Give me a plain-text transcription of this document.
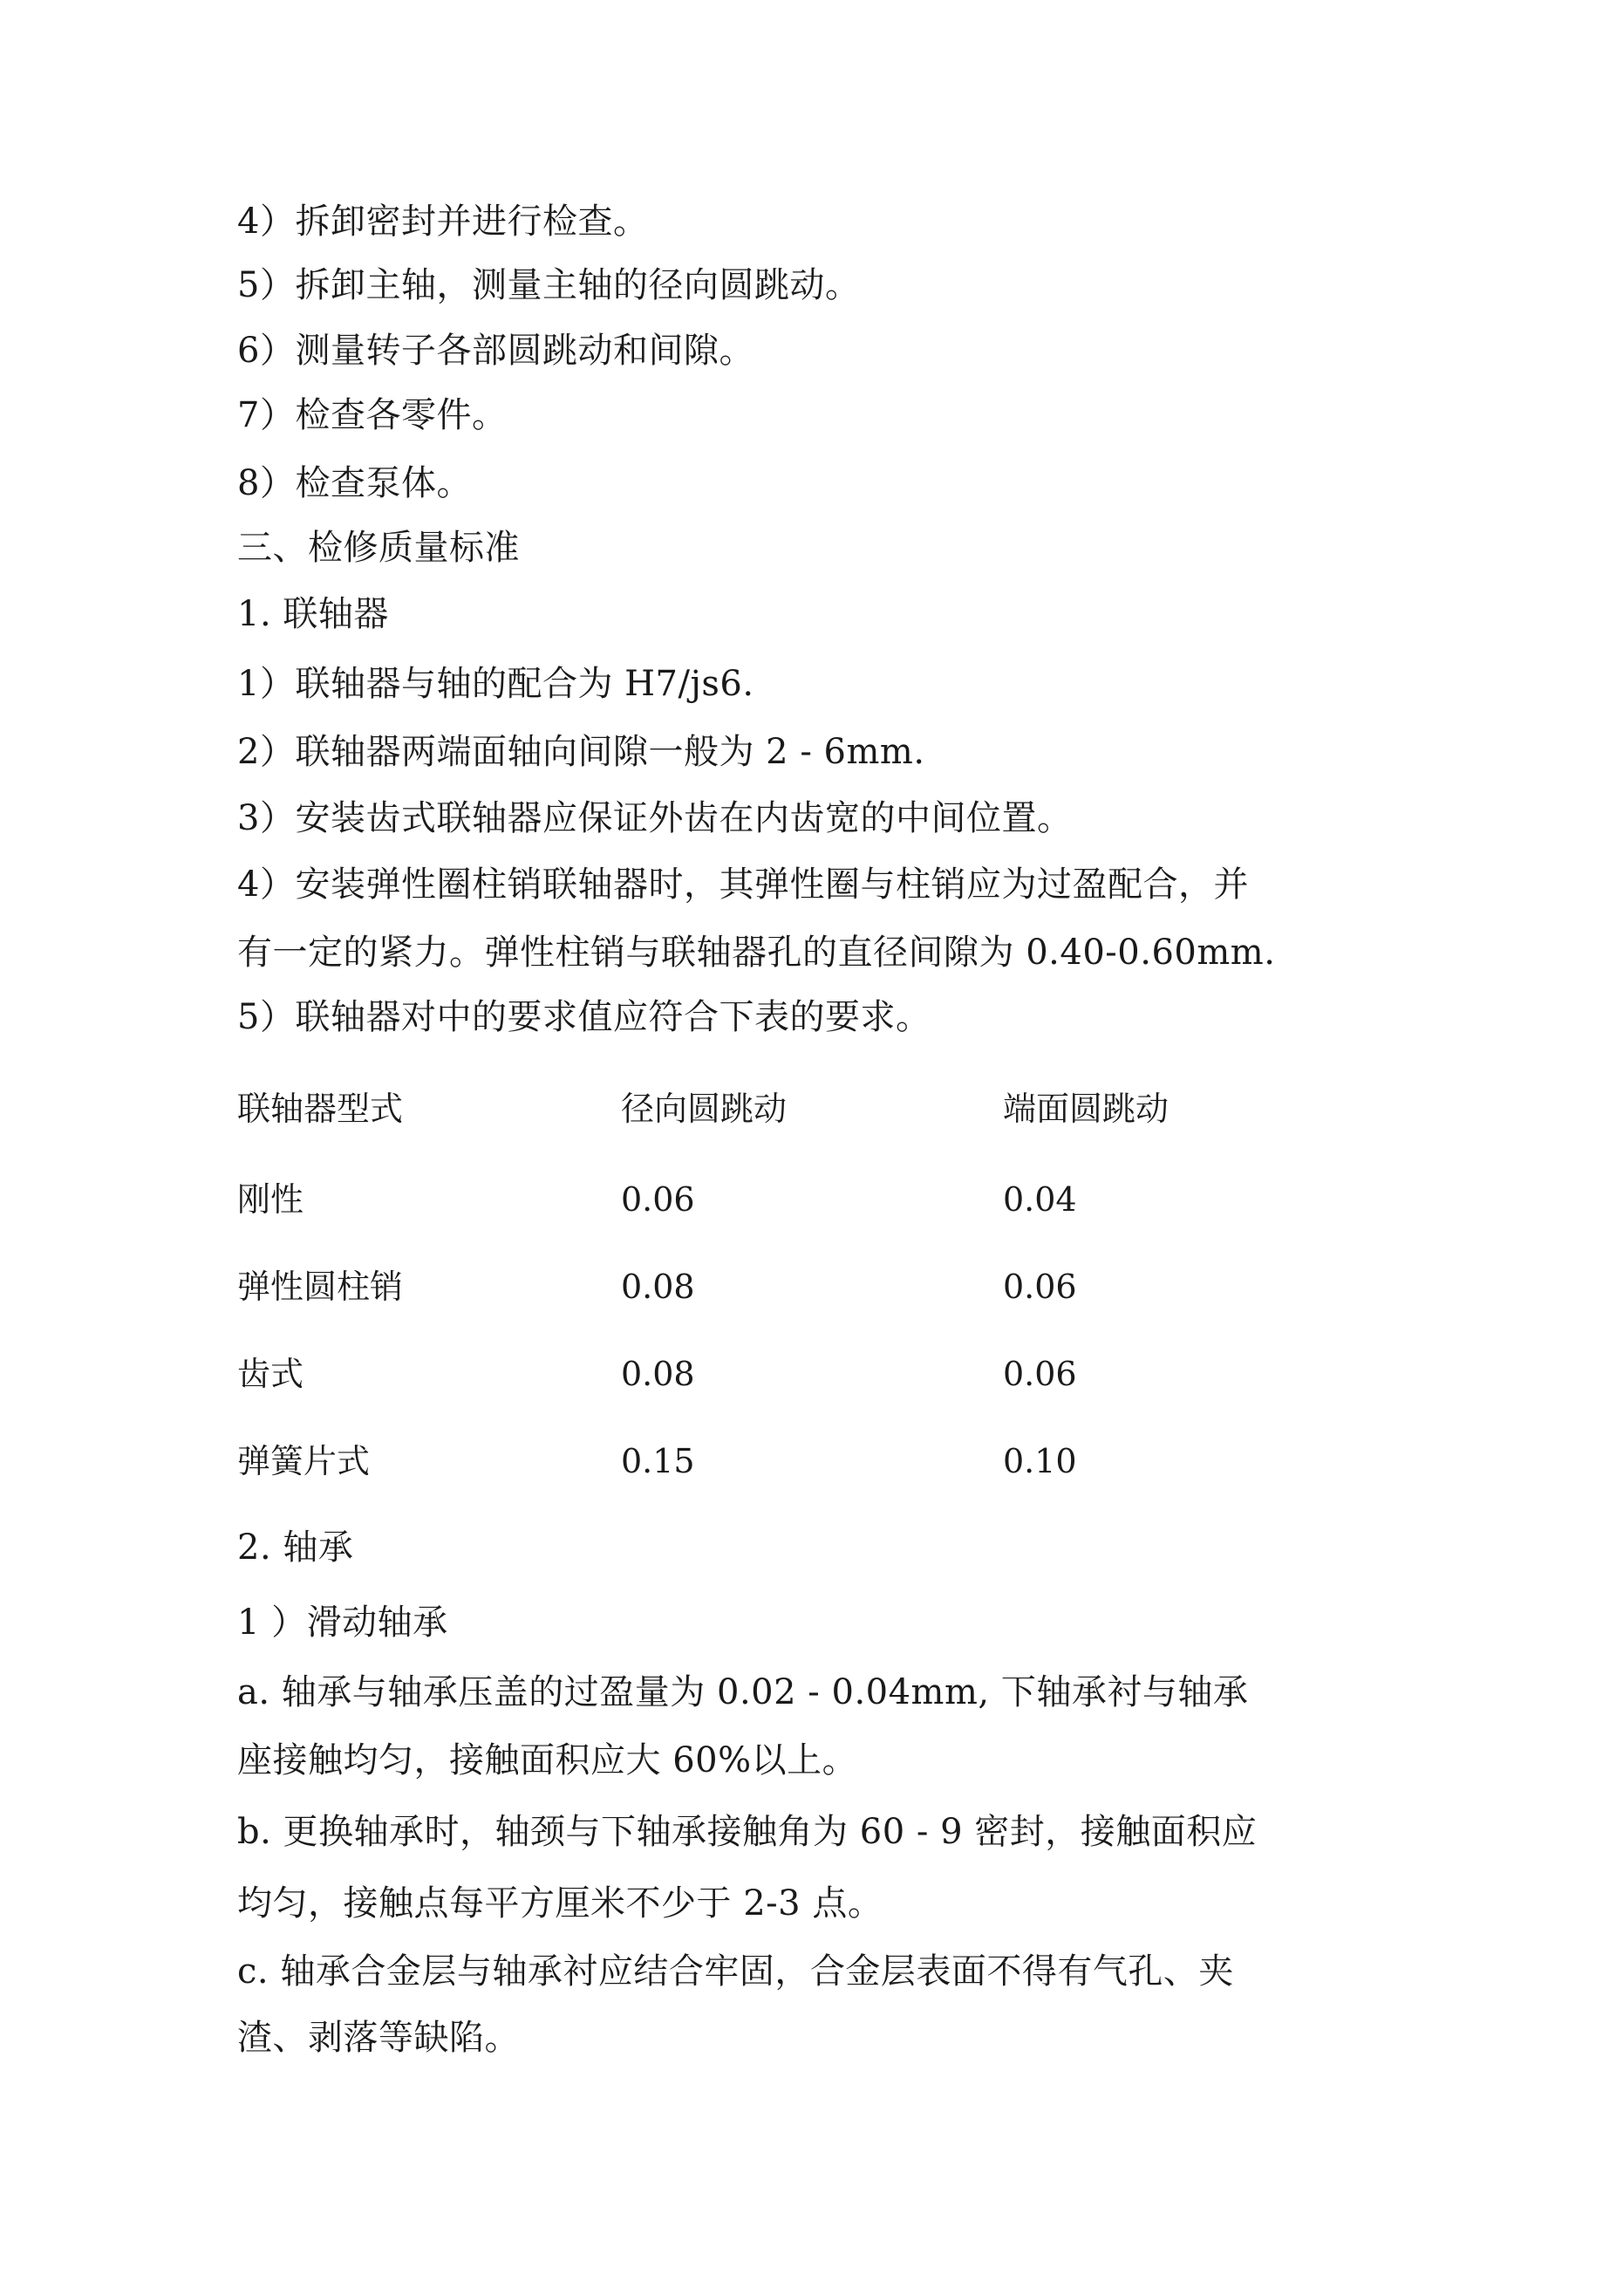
4）拆卸密封并进行检查。
5）拆卸主轴，测量主轴的径向圆跳动。
6）测量转子各部圆跳动和间隙。
7）检查各零件。
8）检查泵体。
三、检修质量标准
1. 联轴器
1）联轴器与轴的配合为 H7/js6.
2）联轴器两端面轴向间隙一般为 2 - 6mm.
3）安装齿式联轴器应保证外齿在内齿宽的中间位置。
4）安装弹性圈柱销联轴器时，其弹性圈与柱销应为过盈配合，并
有一定的紧力。弹性柱销与联轴器孔的直径间隙为 0.40-0.60mm.
5）联轴器对中的要求值应符合下表的要求。
联轴器型式	径向圆跳动	端面圆跳动
刚性	0.06	0.04
弹性圆柱销	0.08	0.06
齿式	0.08	0.06
弹簧片式	0.15	0.10
2. 轴承
1 ）滑动轴承
a. 轴承与轴承压盖的过盈量为 0.02 - 0.04mm, 下轴承衬与轴承
座接触均匀，接触面积应大 60%以上。
b. 更换轴承时，轴颈与下轴承接触角为 60 - 9 密封，接触面积应
均匀，接触点每平方厘米不少于 2-3 点。
c. 轴承合金层与轴承衬应结合牢固，合金层表面不得有气孔、夹
渣、剥落等缺陷。
